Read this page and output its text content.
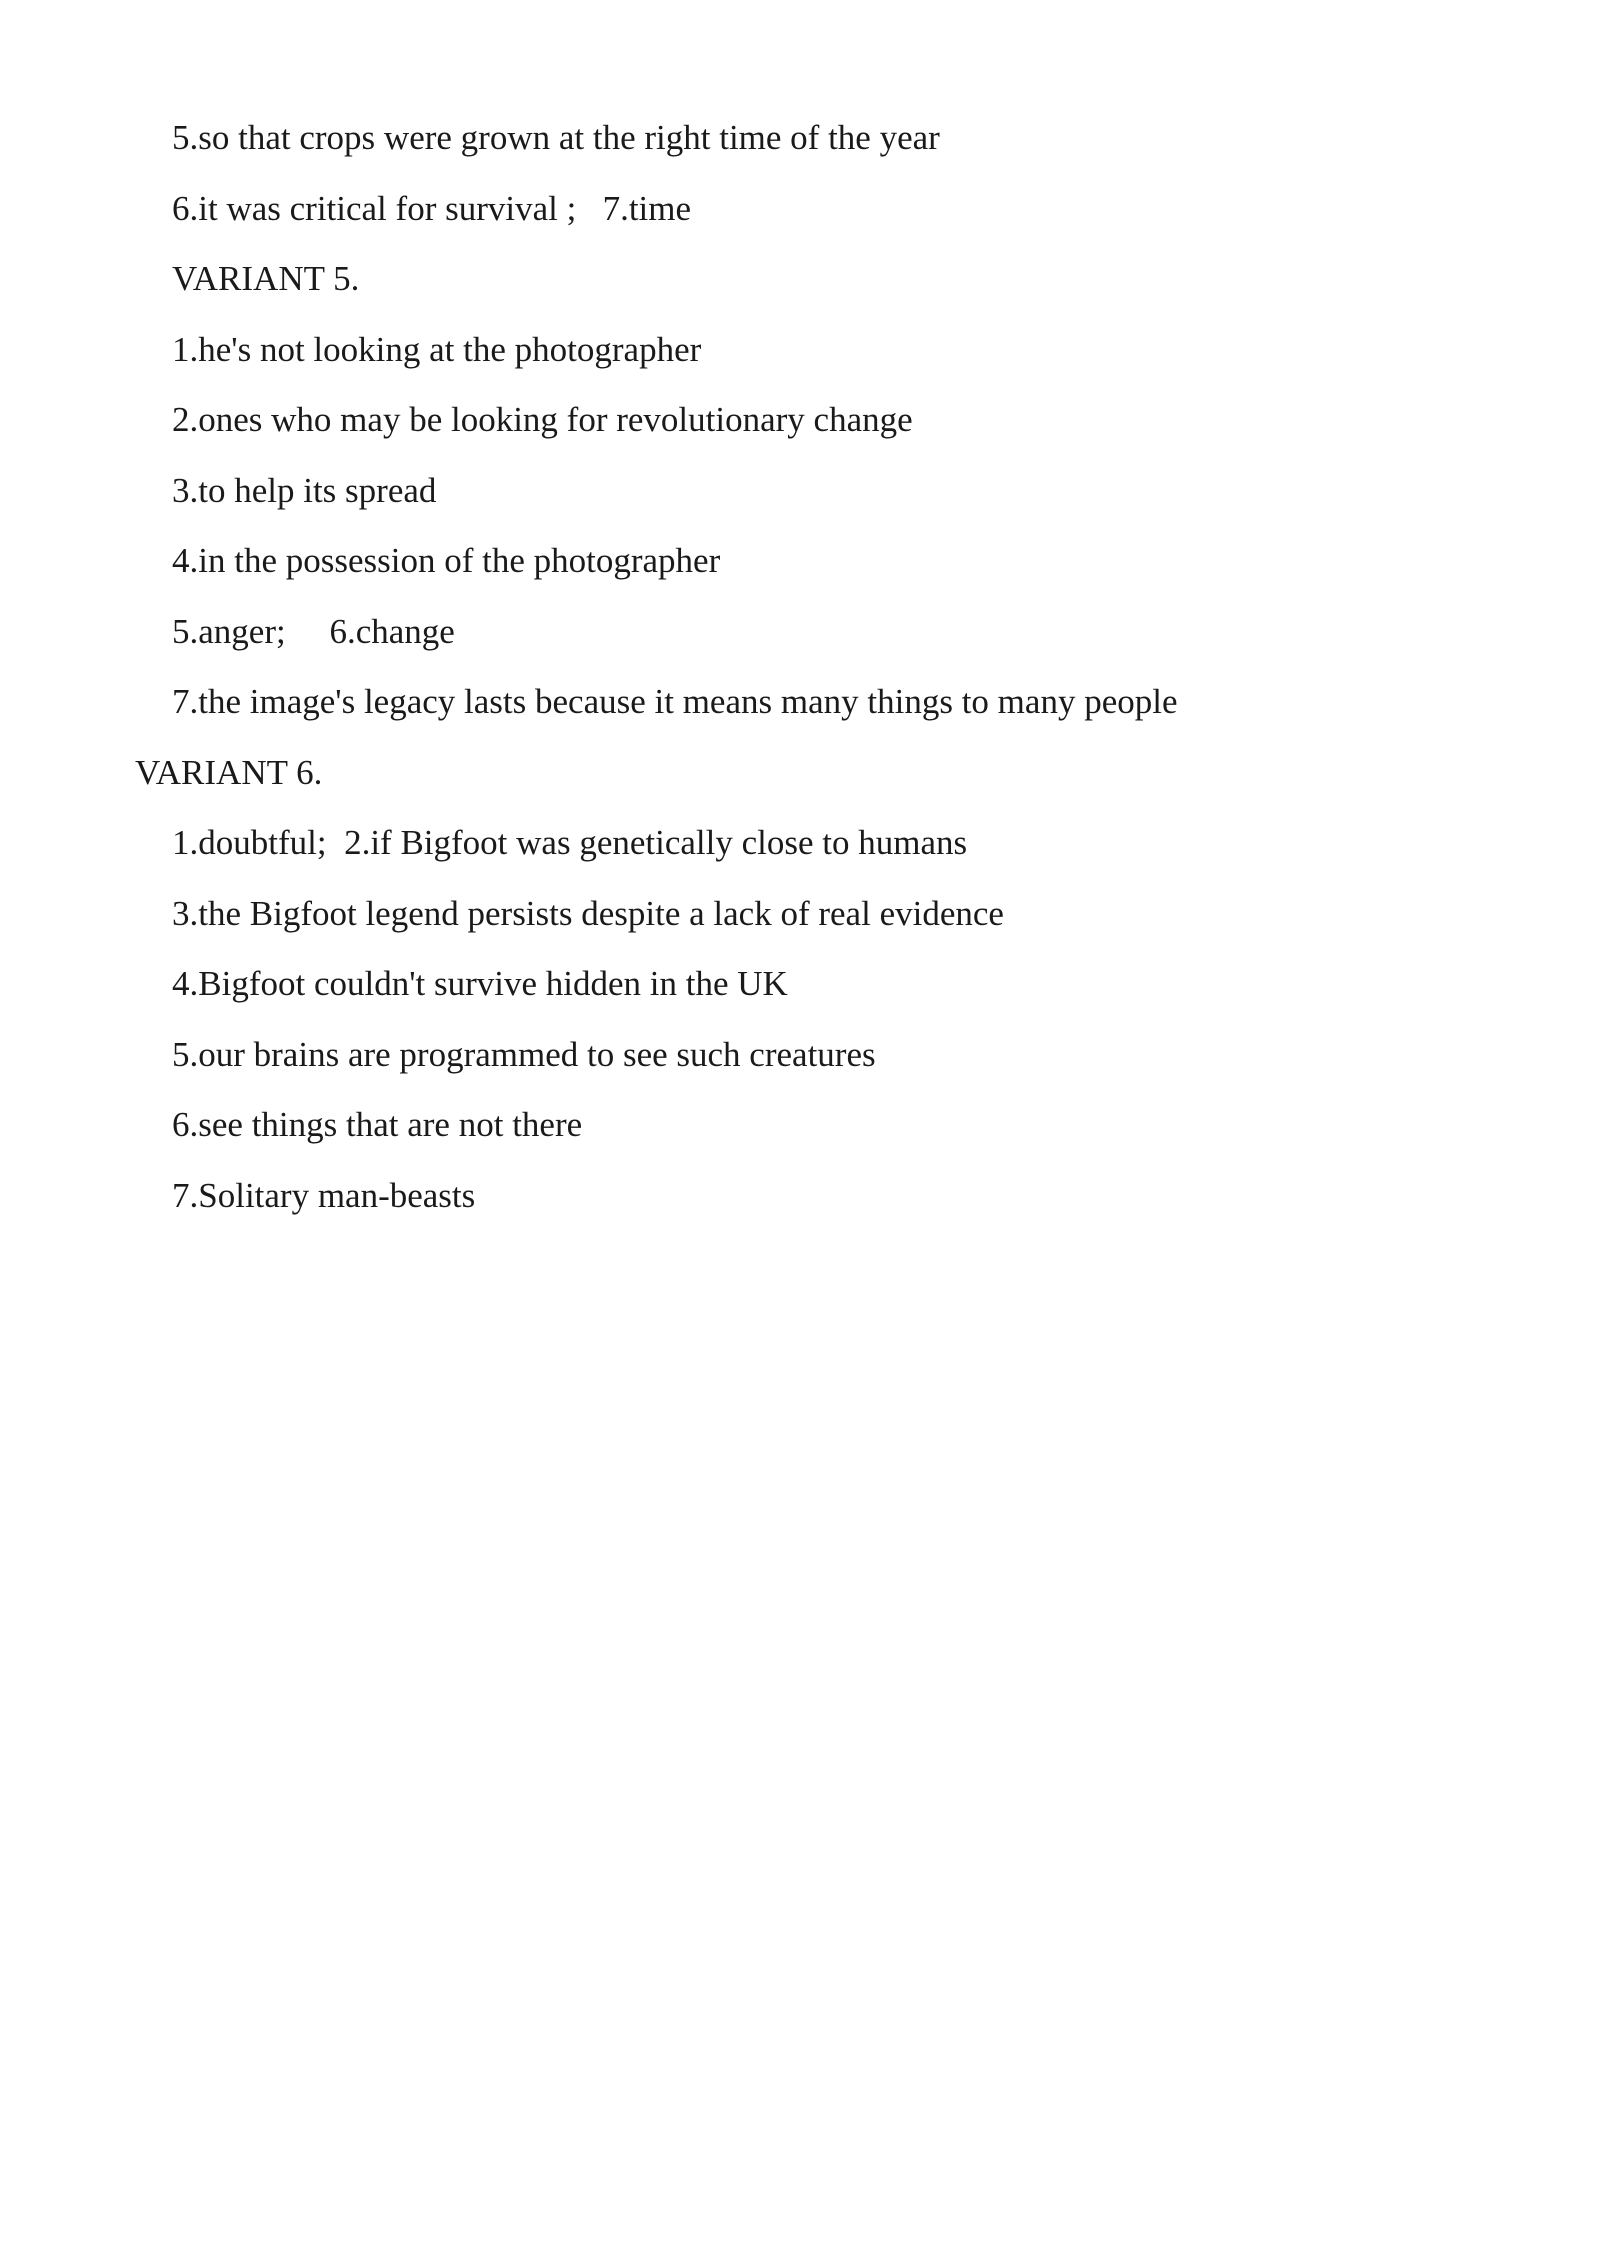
5.so that crops were grown at the right time of the year

6.it was critical for survival ;   7.time

VARIANT 5.

1.he's not looking at the photographer

2.ones who may be looking for revolutionary change

3.to help its spread

4.in the possession of the photographer

5.anger;     6.change

7.the image's legacy lasts because it means many things to many people

VARIANT 6.

1.doubtful;  2.if Bigfoot was genetically close to humans

3.the Bigfoot legend persists despite a lack of real evidence

4.Bigfoot couldn't survive hidden in the UK

5.our brains are programmed to see such creatures

6.see things that are not there

7.Solitary man-beasts
